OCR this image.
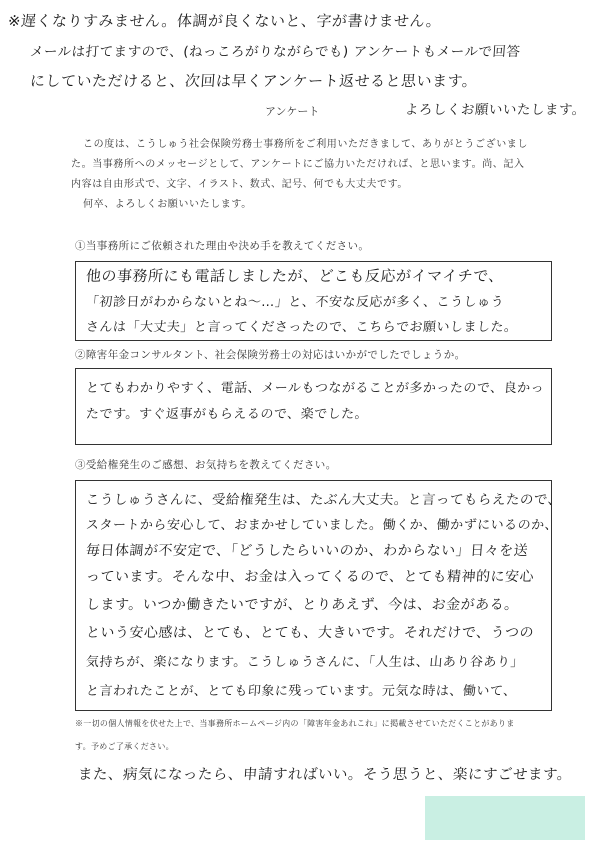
※遅くなりすみません。体調が良くないと、字が書けません。
メールは打てますので、(ねっころがりながらでも) アンケートもメールで回答
にしていただけると、次回は早くアンケート返せると思います。
よろしくお願いいたします。
アンケート
この度は、こうしゅう社会保険労務士事務所をご利用いただきまして、ありがとうございまし
た。当事務所へのメッセージとして、アンケートにご協力いただければ、と思います。尚、記入
内容は自由形式で、文字、イラスト、数式、記号、何でも大丈夫です。
何卒、よろしくお願いいたします。
①当事務所にご依頼された理由や決め手を教えてください。
他の事務所にも電話しましたが、どこも反応がイマイチで、
「初診日がわからないとね〜…」と、不安な反応が多く、こうしゅう
さんは「大丈夫」と言ってくださったので、こちらでお願いしました。
②障害年金コンサルタント、社会保険労務士の対応はいかがでしたでしょうか。
とてもわかりやすく、電話、メールもつながることが多かったので、良かっ
たです。すぐ返事がもらえるので、楽でした。
③受給権発生のご感想、お気持ちを教えてください。
こうしゅうさんに、受給権発生は、たぶん大丈夫。と言ってもらえたので、
スタートから安心して、おまかせしていました。働くか、働かずにいるのか、
毎日体調が不安定で、「どうしたらいいのか、わからない」日々を送
っています。そんな中、お金は入ってくるので、とても精神的に安心
します。いつか働きたいですが、とりあえず、今は、お金がある。
という安心感は、とても、とても、大きいです。それだけで、うつの
気持ちが、楽になります。こうしゅうさんに、「人生は、山あり谷あり」
と言われたことが、とても印象に残っています。元気な時は、働いて、
※一切の個人情報を伏せた上で、当事務所ホームページ内の「障害年金あれこれ」に掲載させていただくことがありま
す。予めご了承ください。
また、病気になったら、申請すればいい。そう思うと、楽にすごせます。
